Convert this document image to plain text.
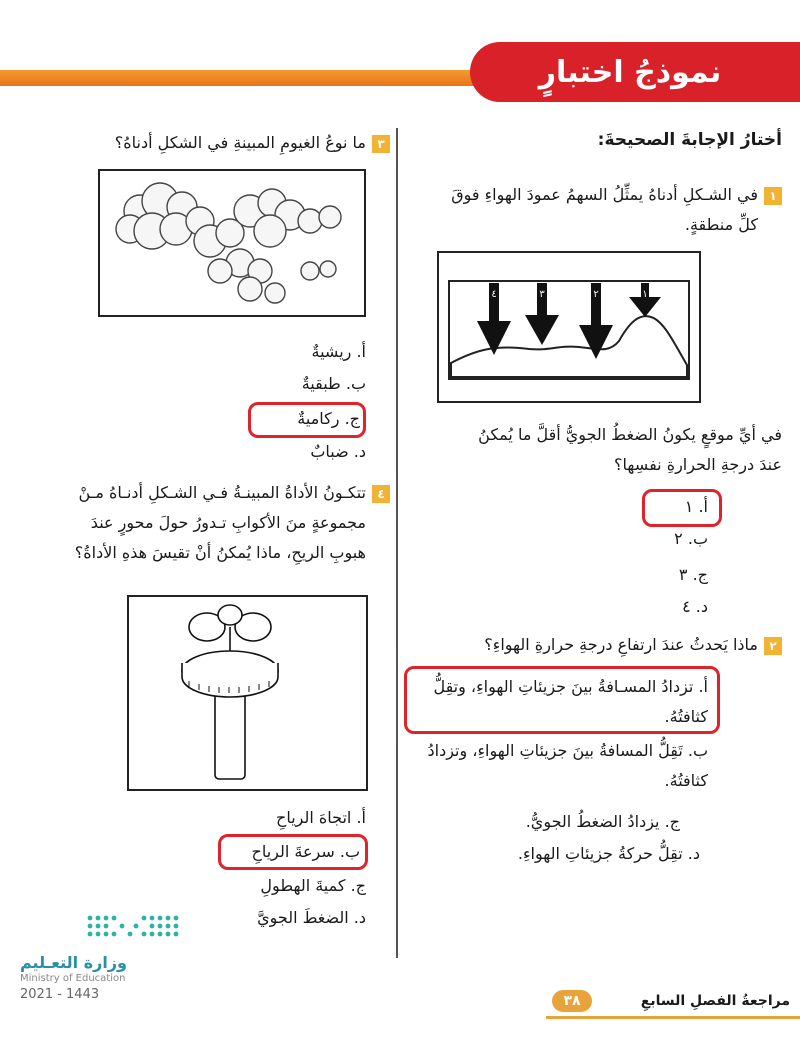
نموذجُ اختبارٍ
أختارُ الإجابةَ الصحيحةَ:
١في الشـكلِ أدناهُ يمثِّلُ السهمُ عمودَ الهواءِ فوقَ
كلِّ منطقةٍ.
٤	٣	٢	١
في أيِّ موقعٍ يكونُ الضغطُ الجويُّ أقلَّ ما يُمكنُ
عندَ درجةِ الحرارةِ نفسِها؟
أ. ١
ب. ٢
ج. ٣
د. ٤
٢ماذا يَحدثُ عندَ ارتفاعِ درجةِ حرارةِ الهواءِ؟
أ. تزدادُ المسـافةُ بينَ جزيئاتِ الهواءِ، وتقِلُّ
كثافتُهُ.
ب. تَقِلُّ المسافةُ بينَ جزيئاتِ الهواءِ، وتزدادُ
كثافتُهُ.
ج. يزدادُ الضغطُ الجويُّ.
د. تقِلُّ حركةُ جزيئاتِ الهواءِ.
٣ما نوعُ الغيومِ المبينةِ في الشكلِ أدناهُ؟
أ. ريشيةٌ
ب. طبقيةٌ
ج. ركاميةٌ
د. ضبابٌ
٤تتكـونُ الأداةُ المبينـةُ فـي الشـكلِ أدنـاهُ مـنْ
مجموعةٍ منَ الأكوابِ تـدورُ حولَ محورٍ عندَ
هبوبِ الريحِ، ماذا يُمكنُ أنْ تقيسَ هذهِ الأداةُ؟
أ. اتجاهَ الرياحِ
ب. سرعةَ الرياحِ
ج. كميةَ الهطولِ
د. الضغطَ الجويَّ
وزارة التعـليم
Ministry of Education
2021 - 1443	مراجعةُ الفصلِ السابعِ
٣٨
